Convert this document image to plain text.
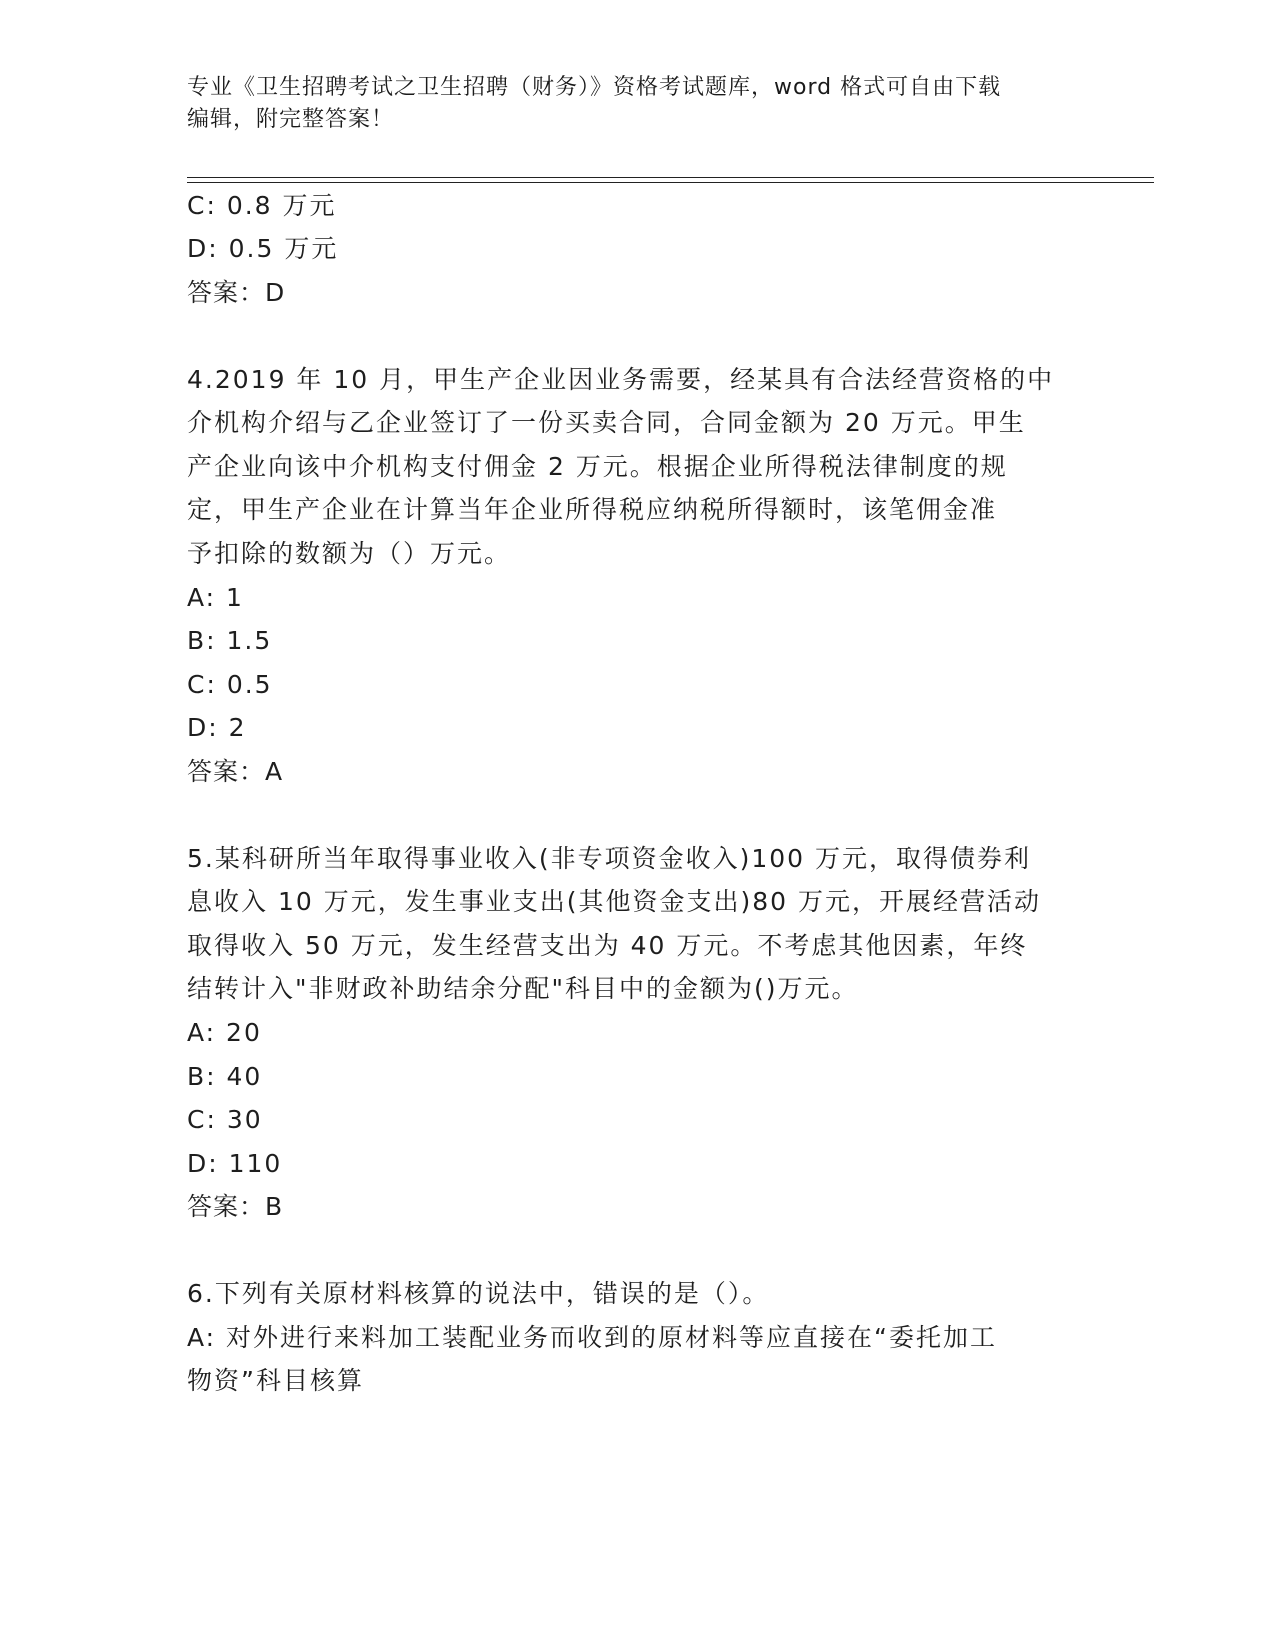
专业《卫生招聘考试之卫生招聘（财务）》资格考试题库，word 格式可自由下载
编辑，附完整答案！
C: 0.8 万元
D: 0.5 万元
答案：D
4.2019 年 10 月，甲生产企业因业务需要，经某具有合法经营资格的中
介机构介绍与乙企业签订了一份买卖合同，合同金额为 20 万元。甲生
产企业向该中介机构支付佣金 2 万元。根据企业所得税法律制度的规
定，甲生产企业在计算当年企业所得税应纳税所得额时，该笔佣金准
予扣除的数额为（）万元。
A: 1
B: 1.5
C: 0.5
D: 2
答案：A
5.某科研所当年取得事业收入(非专项资金收入)100 万元，取得债券利
息收入 10 万元，发生事业支出(其他资金支出)80 万元，开展经营活动
取得收入 50 万元，发生经营支出为 40 万元。不考虑其他因素，年终
结转计入"非财政补助结余分配"科目中的金额为()万元。
A: 20
B: 40
C: 30
D: 110
答案：B
6.下列有关原材料核算的说法中，错误的是（）。
A: 对外进行来料加工装配业务而收到的原材料等应直接在“委托加工
物资”科目核算
